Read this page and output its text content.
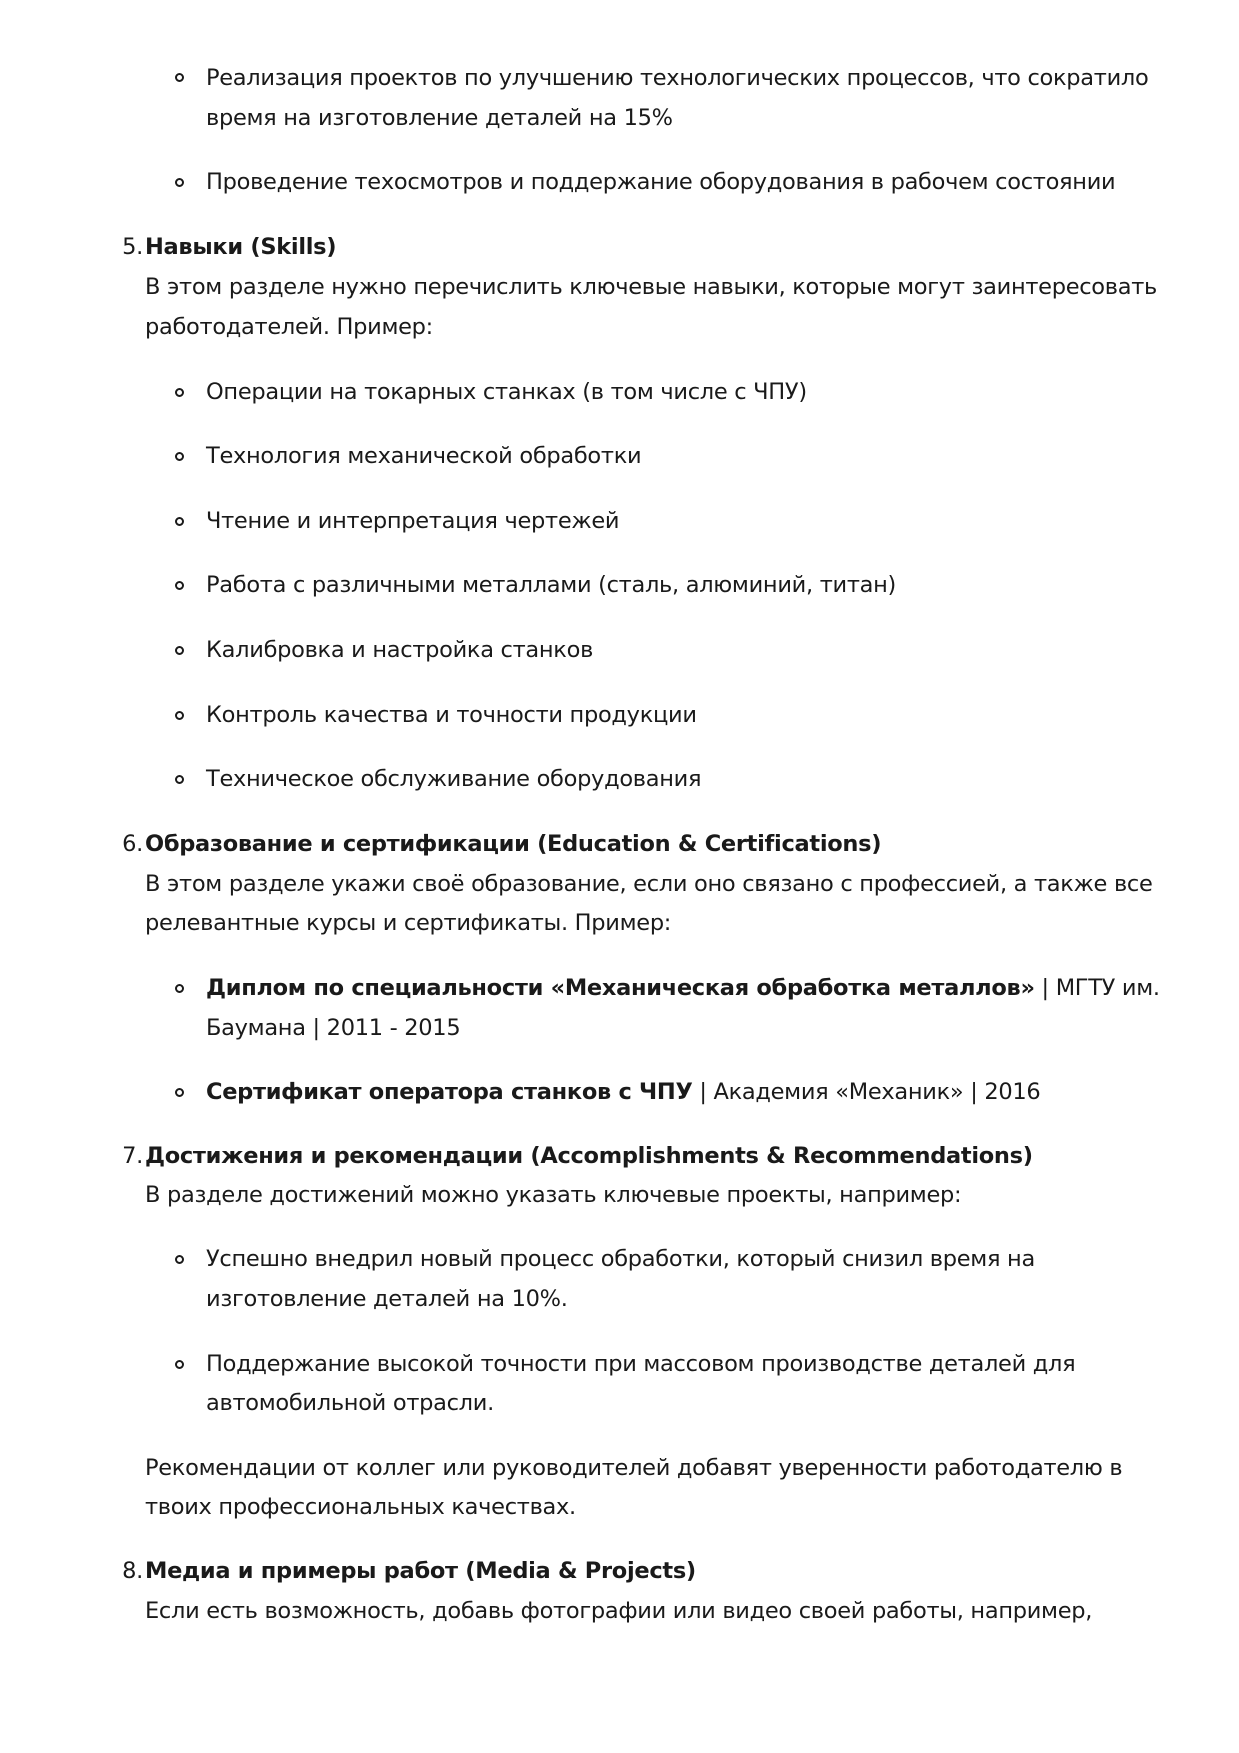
Реализация проектов по улучшению технологических процессов, что сократило
время на изготовление деталей на 15%
Проведение техосмотров и поддержание оборудования в рабочем состоянии
5. Навыки (Skills)
В этом разделе нужно перечислить ключевые навыки, которые могут заинтересовать
работодателей. Пример:
Операции на токарных станках (в том числе с ЧПУ)
Технология механической обработки
Чтение и интерпретация чертежей
Работа с различными металлами (сталь, алюминий, титан)
Калибровка и настройка станков
Контроль качества и точности продукции
Техническое обслуживание оборудования
6. Образование и сертификации (Education & Certifications)
В этом разделе укажи своё образование, если оно связано с профессией, а также все
релевантные курсы и сертификаты. Пример:
Диплом по специальности «Механическая обработка металлов» | МГТУ им.
Баумана | 2011 - 2015
Сертификат оператора станков с ЧПУ | Академия «Механик» | 2016
7. Достижения и рекомендации (Accomplishments & Recommendations)
В разделе достижений можно указать ключевые проекты, например:
Успешно внедрил новый процесс обработки, который снизил время на
изготовление деталей на 10%.
Поддержание высокой точности при массовом производстве деталей для
автомобильной отрасли.
Рекомендации от коллег или руководителей добавят уверенности работодателю в
твоих профессиональных качествах.
8. Медиа и примеры работ (Media & Projects)
Если есть возможность, добавь фотографии или видео своей работы, например,
